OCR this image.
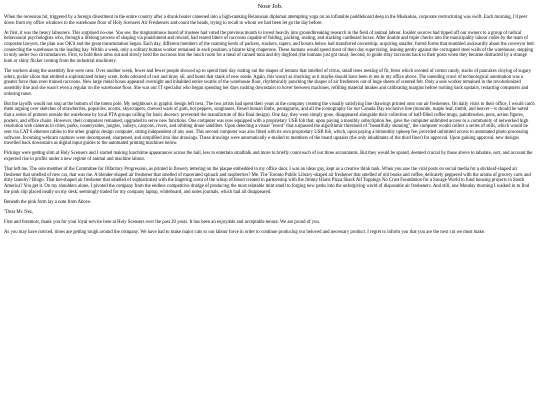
Nose Job.

When the recession hit, triggered by a foreign divestment in the entire country after a drunk boater careened into a high-ranking Belarusian diplomat attempting yoga on an inflatable paddleboard deep in the Muskokas, corporate restructuring was swift. Each morning, I'd peer down from my office windows to the warehouse floor of Holy Scensers Air Fresheners and count the heads, trying to recall to whom we had been let go the day before.

At first, it was the heavy labourers. This surprised no-one. You see, the magnanimous board of trustees had voted the previous month to invest heavily into groundbreaking research in the field of animal labour. Insider sources had tipped off our owners to a group of radical behavioural psychologists who, through a lifelong process of shaping via punishment and reward, had reared litters of raccoons capable of folding, packing, sealing, and stacking cardboard boxes. After double and triple checks into the municipality labour codes by the team of corporate lawyers, the plan was OK'd and the great transmutation began. Each day, different members of the roaming herds of packers, stackers, tapers, and boxers below had transferred ownership, acquiring smaller, furred forms that stumbled awkwardly about the conveyor belt connecting the warehouse to the loading bay. Within a week, only a solitary human worker remained in each position, a bizarre king chaperone. These humans would spend most of their day supervising, leaning gently against the corrugated steel walls of the warehouse, stepping in only under two circumstances. First, to hold their arms out and slowly herd the raccoons into the lunch room for a meal of canned tuna and dry dogfood (the humans just got tuna). Second, to guide stray raccoons back to their posts when they became distracted by a strange hum or shiny flicker coming from the industrial machinery.

The workers along the assembly line were next. Over another week, fewer and fewer people showed up to spend their day cutting out the shapes of lemons that smelled of citrus, small trees reeking of fir, ferns which scented of cotton candy, stacks of pancakes cloying of sugary odors, pickle slices that emitted a sophisticated briney scent, bolts odoured of rust and tinny oil, and boots that stank of new suede. Again, this wasn't as shocking as it maybe should have been to me in my office above. The unending crawl of technological automation was a greater force than even trained raccoons. New large metal boxes appeared overnight and inhabited entire swaths of the warehouse floor, rhythmically punching the shapes of air fresheners out of huge sheets of scented felt. Only a sole worker remained in the revolutionized assembly line and she wasn't even a regular on the warehouse floor. She was our IT specialist who began spending her days rushing downstairs to hover between machines, refilling material intakes and calibrating margins before rushing back upstairs, restarting computers and ordering toner.

But the layoffs would not stop at the bottom of the totem pole. My neighbours in graphic design left next. The two artists had spent their years at the company creating the visually satisfying line drawings printed onto our air fresheners. On daily visits to their office, I would catch them arguing over sketches of strawberries, popsicles, acorns, skyscrapers, chewed wads of gum, hot peppers, sunglasses, flexed human limbs, pentagrams, and all the iconography for our Canada Day exclusive line (mountie, maple leaf, timbit, and beaver—it should be noted that a series of protests outside the warehouse by local PTA groups calling for basic decency prevented the manufacture of this final design). One day, they were simply gone, disappeared alongside their collection of half-filled coffee mugs, paintbrushes, pens, action figures, posters, and office chairs. However, their computers remained, upgraded to serve new functions. One computer was now equipped with a proprietary USB fob that, upon paying a monthly subscription fee, gave the computer unlimited access to a community of networked high resolution web cameras in cities, parks, countrysides, jungles, valleys, canyons, rivers, and orbiting drone satellites. Upon detecting a visual "event" that surpassed the algorithmic threshold of "beautifully stunning", the computer would collect a series of stills, which would be sent via CAT 6 ethernet cables to the other graphic design computer, sitting independent of any user. This second computer was also fitted with its own proprietary USB fob, which, upon paying a bimonthly upkeep fee, provided unlimited access to automated photo processing software. Incoming webcam captures were decomposed, sharpened, and simplified into line drawings. These drawings were automatically e-mailed to members of the board upstairs (the only inhabitants of the third floor) for approval. Upon gaining approval, new designs travelled back downstairs as digital input guides to the automated printing machines below.

Pickings were getting slim at Holy Scensers and I started making lunchtime appearances across the hall, less to entertain smalltalk and more to briefly count each of our three accountants. But they would be spared, deemed crucial by those above to tabulate, sort, and account the expected rise in profits under a new regime of animal and machine labour.

That left me. The sole member of the Committee for Olfactory Progression, as printed in flowery lettering on the plaque embedded in my office door. I was an ideas guy, kept as a creative think tank. When you saw the viral posts on social media for a stickleaf-shaped air freshener that smelled of new car, that was me. A blender-shaped air freshener that smelled of macerated spinach and raspberries? Me. The Toronto Public Library-shaped air freshener that smelled of old books and coffee, delicately peppered with the aroma of grocery carts and dirty laundry? Bingo. That hot-shaped air freshener that smelled of sophisticated with the lingering scent of the whisp of blood created in partnership with the Jimmy Hiarts Pizza Shack All Toppings No Crust Foundation for a Savage World to fund housing projects in South America? You get it. On my shoulders alone, I pivoted the company from the endless competitive drudge of producing the most relatable mint smell to forging new paths into the unforgiving world of disposable air fresheners. And still, one Monday morning I walked in to find the pink slip placed neatly on my desk, seemingly traded for my company laptop, whiteboard, and notes journals, which had all disappeared.

Beneath the pink form lay a note from Above.

"Dear Mr. Nez,

First and foremost, thank you for your loyal service here at Holy Scensers over the past 20 years. It has been an enjoyable and acceptable tenure. We are proud of you.

As you may have noticed, times are getting tough around the company. We have had to make major cuts to our labour force in order to continue producing our beloved and necessary product. I regret to inform you that you are the next cut we must make.
